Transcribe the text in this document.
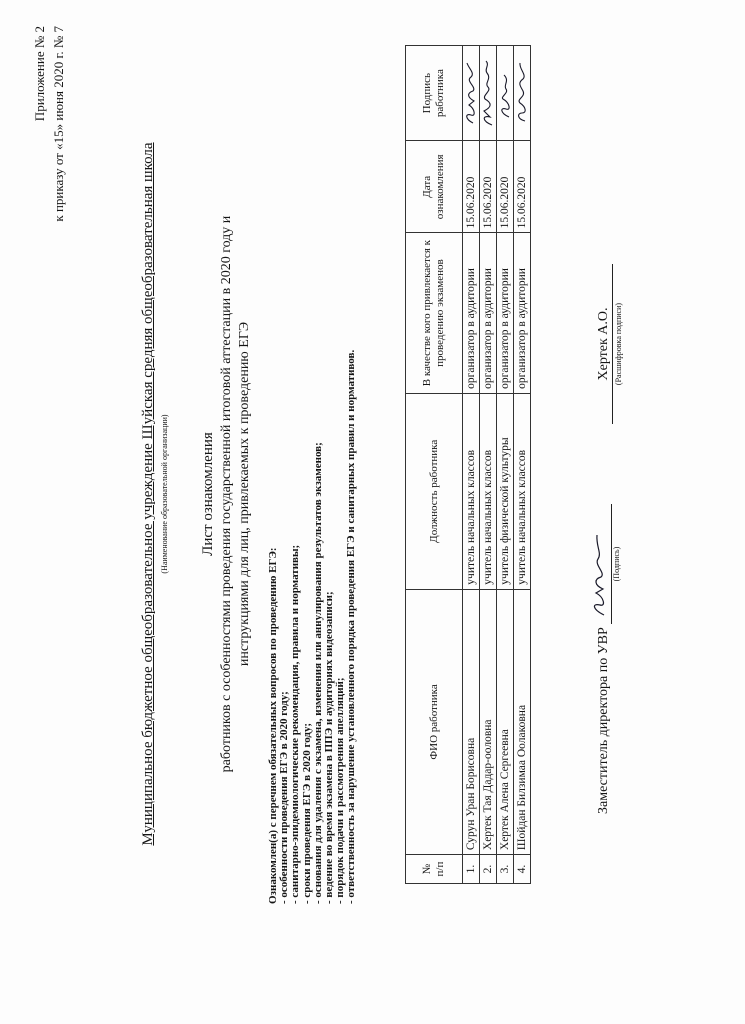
Приложение № 2 к приказу от «15» июня 2020 г. № 7
Муниципальное бюджетное общеобразовательное учреждение Шуйская средняя общеобразовательная школа (Наименование образовательной организации) Лист ознакомления работников с особенностями проведения государственной итоговой аттестации в 2020 году и инструкциями для лиц, привлекаемых к проведению ЕГЭ
Ознакомлен(а) с перечнем обязательных вопросов по проведению ЕГЭ: - особенности проведения ЕГЭ в 2020 году; - санитарно-эпидемиологические рекомендация, правила и нормативы; - сроки проведения ЕГЭ в 2020 году; - основания для удаления с экзамена, изменения или аннулирования результатов экзаменов; - ведение во время экзамена в ППЭ и аудиториях видеозаписи; - порядок подачи и рассмотрения апелляций; - ответственность за нарушение установленного порядка проведения ЕГЭ и санитарных правил и нормативов.	№ п/п	ФИО работника	Должность работника	В качестве кого привлекается к проведению экзаменов	Дата ознакомления	Подпись работника
1.	Сурун Уран Борисовна	учитель начальных классов	организатор в аудитории	15.06.2020	

2.	Хертек Тая Дадар-ооловна	учитель начальных классов	организатор в аудитории	15.06.2020	

3.	Хертек Алена Сергеевна	учитель физической культуры	организатор в аудитории	15.06.2020	

4.	Шойдан Билзимаа Оолаковна	учитель начальных классов	организатор в аудитории	15.06.2020	
Заместитель директора по УВР
(Подпись)
Хертек А.О. (Расшифровка подписи)
